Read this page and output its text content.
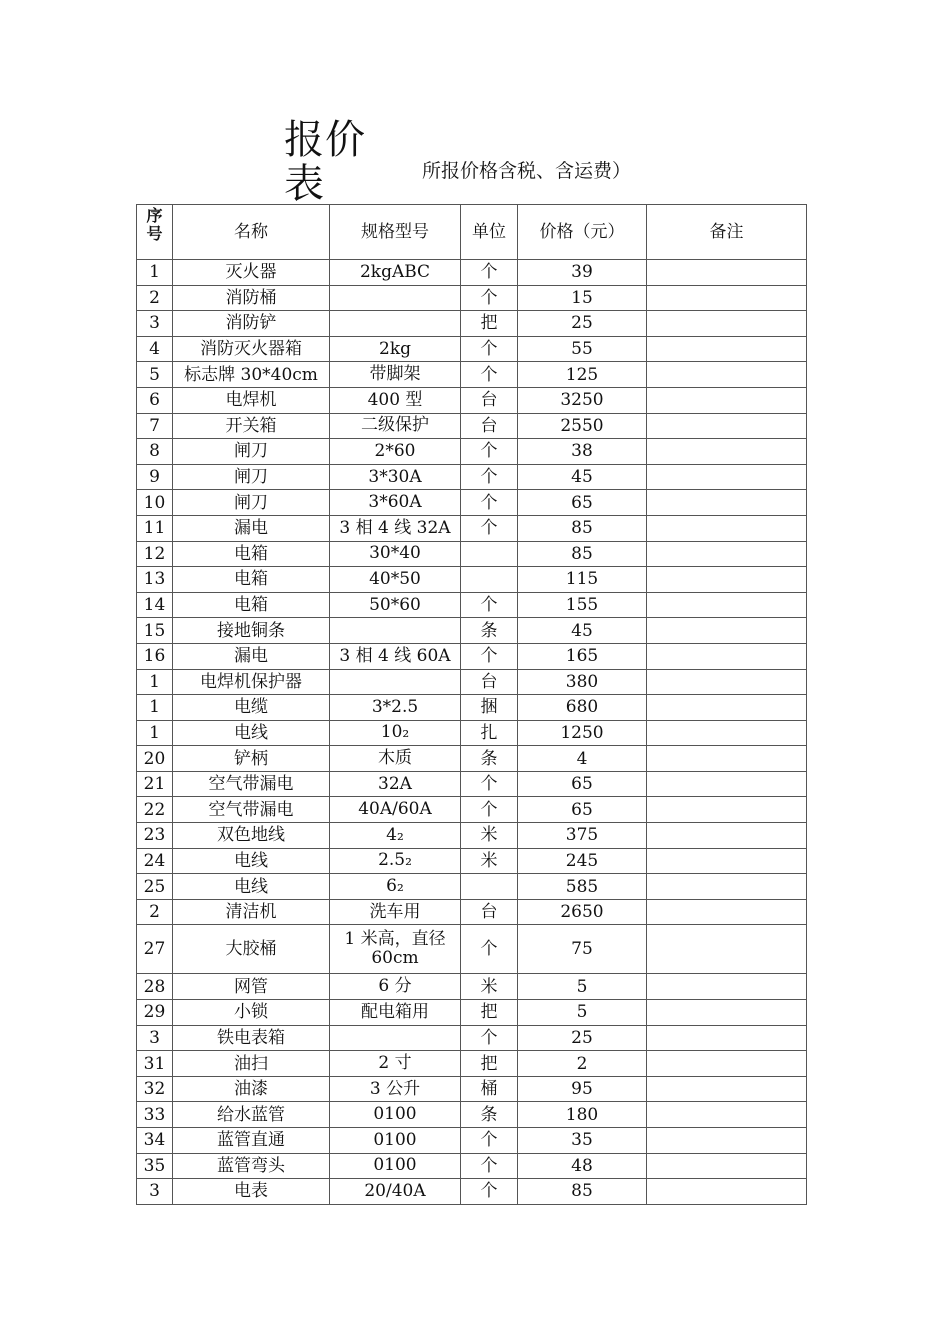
报价表	所报价格含税、含运费）
序号	名称	规格型号	单位	价格（元）	备注
1	灭火器	2kgABC	个	39	
2	消防桶		个	15	
3	消防铲		把	25	
4	消防灭火器箱	2kg	个	55	
5	标志牌 30*40cm	带脚架	个	125	
6	电焊机	400 型	台	3250	
7	开关箱	二级保护	台	2550	
8	闸刀	2*60	个	38	
9	闸刀	3*30A	个	45	
10	闸刀	3*60A	个	65	
11	漏电	3 相 4 线 32A	个	85	
12	电箱	30*40		85	
13	电箱	40*50		115	
14	电箱	50*60	个	155	
15	接地铜条		条	45	
16	漏电	3 相 4 线 60A	个	165	
1	电焊机保护器		台	380	
1	电缆	3*2.5	捆	680	
1	电线	10₂	扎	1250	
20	铲柄	木质	条	4	
21	空气带漏电	32A	个	65	
22	空气带漏电	40A/60A	个	65	
23	双色地线	4₂	米	375	
24	电线	2.5₂	米	245	
25	电线	6₂		585	
2	清洁机	洗车用	台	2650	
27	大胶桶	1 米高，直径 60cm	个	75	
28	网管	6 分	米	5	
29	小锁	配电箱用	把	5	
3	铁电表箱		个	25	
31	油扫	2 寸	把	2	
32	油漆	3 公升	桶	95	
33	给水蓝管	0100	条	180	
34	蓝管直通	0100	个	35	
35	蓝管弯头	0100	个	48	
3	电表	20/40A	个	85	
